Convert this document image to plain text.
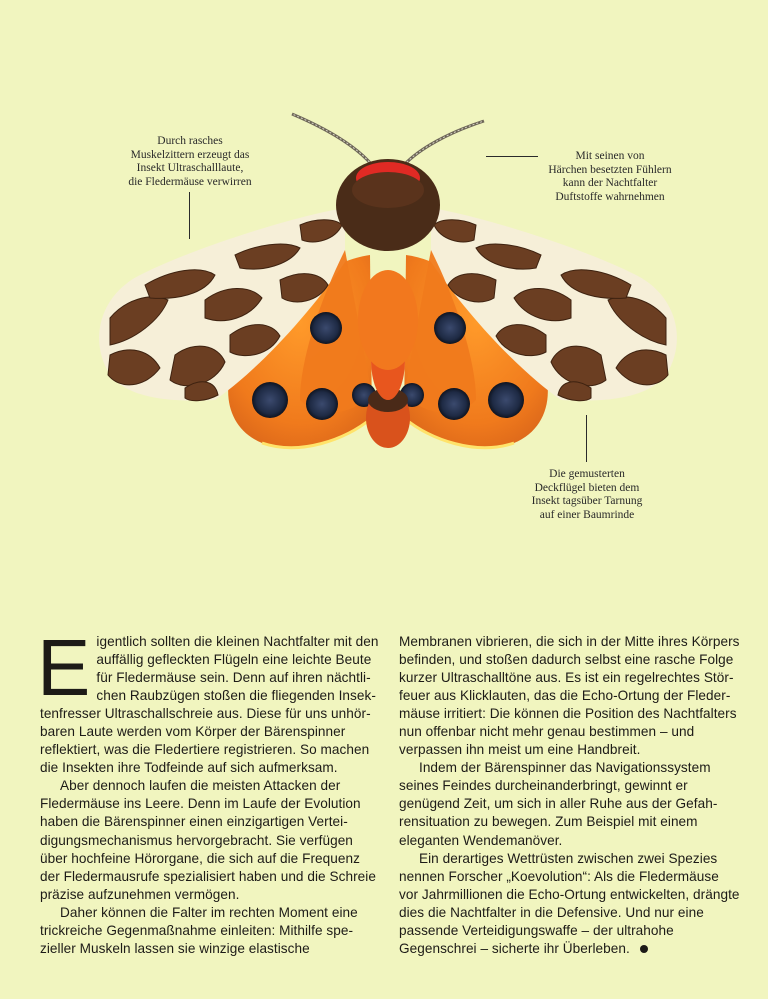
Durch rasches
Muskelzittern erzeugt das
Insekt Ultraschalllaute,
die Fledermäuse verwirren
Mit seinen von
Härchen besetzten Fühlern
kann der Nachtfalter
Duftstoffe wahrnehmen
Die gemusterten
Deckflügel bieten dem
Insekt tagsüber Tarnung
auf einer Baumrinde

Eigentlich sollten die kleinen Nachtfalter mit den auffällig gefleckten Flügeln eine leichte Beute für Fledermäuse sein. Denn auf ihren nächtlichen Raubzügen stoßen die fliegenden Insektenfresser Ultraschallschreie aus. Diese für uns unhörbaren Laute werden vom Körper der Bärenspinner reflektiert, was die Fledertiere registrieren. So machen die Insekten ihre Todfeinde auf sich aufmerksam.

Aber dennoch laufen die meisten Attacken der Fledermäuse ins Leere. Denn im Laufe der Evolution haben die Bärenspinner einen einzigartigen Verteidigungsmechanismus hervorgebracht. Sie verfügen über hochfeine Hörorgane, die sich auf die Frequenz der Fledermausrufe spezialisiert haben und die Schreie präzise aufzunehmen vermögen.

Daher können die Falter im rechten Moment eine trickreiche Gegenmaßnahme einleiten: Mithilfe spezieller Muskeln lassen sie winzige elastische

Membranen vibrieren, die sich in der Mitte ihres Körpers befinden, und stoßen dadurch selbst eine rasche Folge kurzer Ultraschalltöne aus. Es ist ein regelrechtes Störfeuer aus Klicklauten, das die Echo-Ortung der Fledermäuse irritiert: Die können die Position des Nachtfalters nun offenbar nicht mehr genau bestimmen – und verpassen ihn meist um eine Handbreit.

Indem der Bärenspinner das Navigationssystem seines Feindes durcheinanderbringt, gewinnt er genügend Zeit, um sich in aller Ruhe aus der Gefahrensituation zu bewegen. Zum Beispiel mit einem eleganten Wendemanöver.

Ein derartiges Wettrüsten zwischen zwei Spezies nennen Forscher „Koevolution“: Als die Fledermäuse vor Jahrmillionen die Echo-Ortung entwickelten, drängte dies die Nachtfalter in die Defensive. Und nur eine passende Verteidigungswaffe – der ultrahohe Gegenschrei – sicherte ihr Überleben.
